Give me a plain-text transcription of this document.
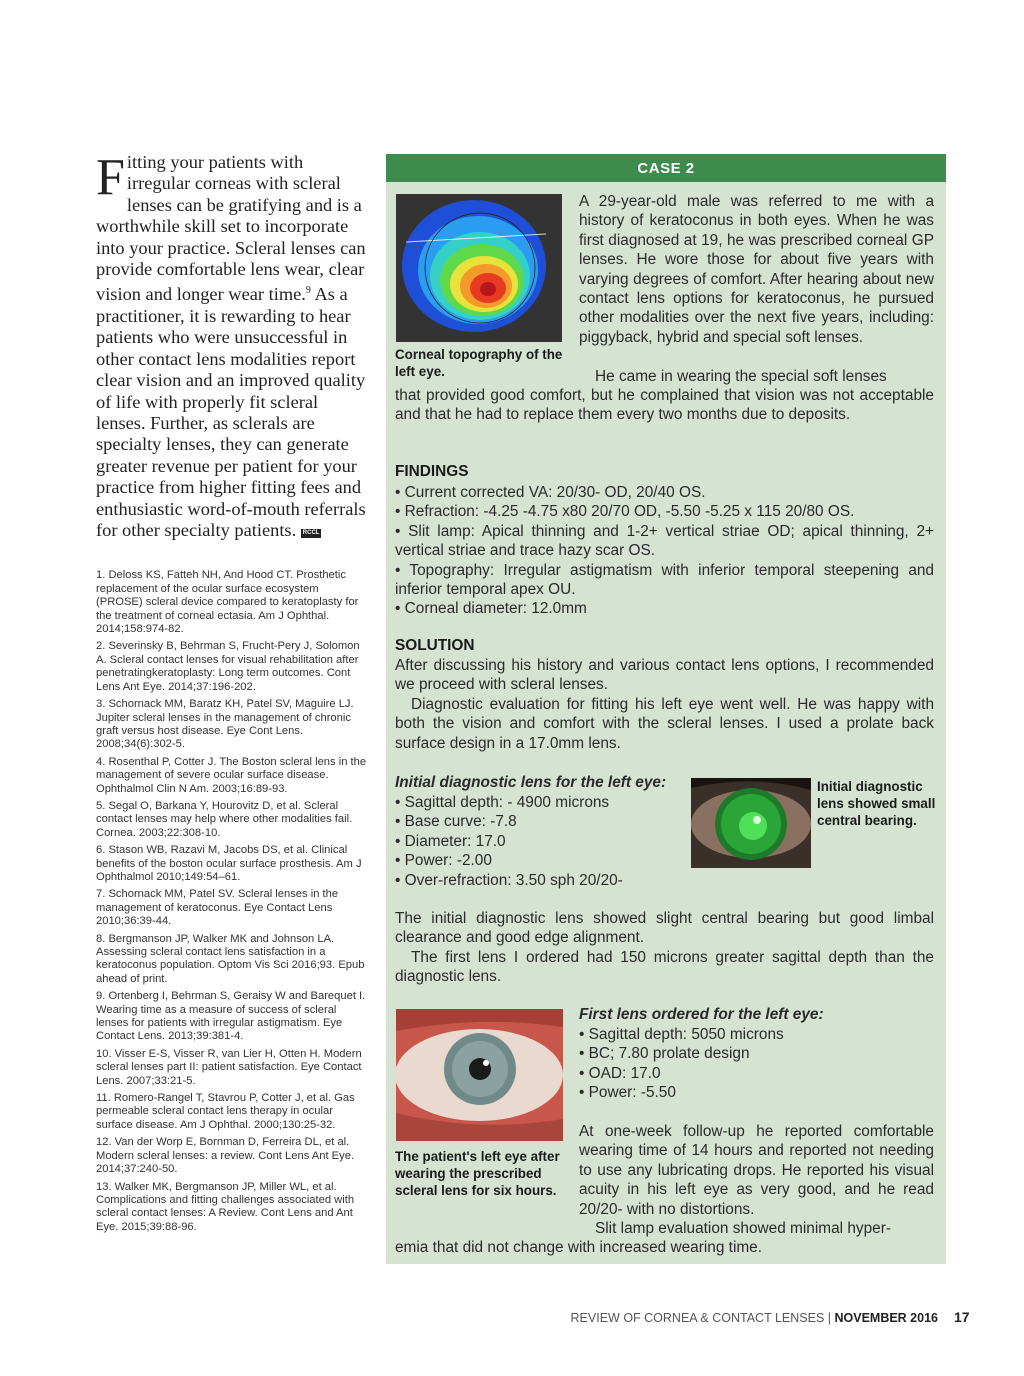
Fitting your patients with irregular corneas with scleral lenses can be gratifying and is a worthwhile skill set to incorporate into your practice. Scleral lenses can provide comfortable lens wear, clear vision and longer wear time.$^9$ As a practitioner, it is rewarding to hear patients who were unsuccessful in other contact lens modalities report clear vision and an improved quality of life with properly fit scleral lenses. Further, as sclerals are specialty lenses, they can generate greater revenue per patient for your practice from higher fitting fees and enthusiastic word-of-mouth referrals for other specialty patients. RCCL

1. Deloss KS, Fatteh NH, And Hood CT. Prosthetic replacement of the ocular surface ecosystem (PROSE) scleral device compared to keratoplasty for the treatment of corneal ectasia. Am J Ophthal. 2014;158:974-82.

2. Severinsky B, Behrman S, Frucht-Pery J, Solomon A. Scleral contact lenses for visual rehabilitation after penetratingkeratoplasty: Long term outcomes. Cont Lens Ant Eye. 2014;37:196-202.

3. Schornack MM, Baratz KH, Patel SV, Maguire LJ. Jupiter scleral lenses in the management of chronic graft versus host disease. Eye Cont Lens. 2008;34(6):302-5.

4. Rosenthal P, Cotter J. The Boston scleral lens in the management of severe ocular surface disease. Ophthalmol Clin N Am. 2003;16:89-93.

5. Segal O, Barkana Y, Hourovitz D, et al. Scleral contact lenses may help where other modalities fail. Cornea. 2003;22:308-10.

6. Stason WB, Razavi M, Jacobs DS, et al. Clinical benefits of the boston ocular surface prosthesis. Am J Ophthalmol 2010;149:54–61.

7. Schornack MM, Patel SV. Scleral lenses in the management of keratoconus. Eye Contact Lens 2010;36:39-44.

8. Bergmanson JP, Walker MK and Johnson LA. Assessing scleral contact lens satisfaction in a keratoconus population. Optom Vis Sci 2016;93. Epub ahead of print.

9. Ortenberg I, Behrman S, Geraisy W and Barequet I. Wearing time as a measure of success of scleral lenses for patients with irregular astigmatism. Eye Contact Lens. 2013;39:381-4.

10. Visser E-S, Visser R, van Lier H, Otten H. Modern scleral lenses part II: patient satisfaction. Eye Contact Lens. 2007;33:21-5.

11. Romero-Rangel T, Stavrou P, Cotter J, et al. Gas permeable scleral contact lens therapy in ocular surface disease. Am J Ophthal. 2000;130:25-32.

12. Van der Worp E, Bornman D, Ferreira DL, et al. Modern scleral lenses: a review. Cont Lens Ant Eye. 2014;37:240-50.

13. Walker MK, Bergmanson JP, Miller WL, et al. Complications and fitting challenges associated with scleral contact lenses: A Review. Cont Lens and Ant Eye. 2015;39:88-96.

CASE 2

Corneal topography of the left eye.

A 29-year-old male was referred to me with a history of keratoconus in both eyes. When he was first diagnosed at 19, he was prescribed corneal GP lenses. He wore those for about five years with varying degrees of comfort. After hearing about new contact lens options for keratoconus, he pursued other modalities over the next five years, including: piggyback, hybrid and special soft lenses.

He came in wearing the special soft lenses

that provided good comfort, but he complained that vision was not acceptable and that he had to replace them every two months due to deposits.

FINDINGS

• Current corrected VA: 20/30- OD, 20/40 OS.

• Refraction: -4.25 -4.75 x80 20/70 OD, -5.50 -5.25 x 115 20/80 OS.

• Slit lamp: Apical thinning and 1-2+ vertical striae OD; apical thinning, 2+ vertical striae and trace hazy scar OS.

• Topography: Irregular astigmatism with inferior temporal steepening and inferior temporal apex OU.

• Corneal diameter: 12.0mm

SOLUTION

After discussing his history and various contact lens options, I recommended we proceed with scleral lenses.

Diagnostic evaluation for fitting his left eye went well. He was happy with both the vision and comfort with the scleral lenses. I used a prolate back surface design in a 17.0mm lens.

Initial diagnostic lens for the left eye:

• Sagittal depth: - 4900 microns

• Base curve: -7.8

• Diameter: 17.0

• Power: -2.00

• Over-refraction: 3.50 sph 20/20-

Initial diagnostic lens showed small central bearing.

The initial diagnostic lens showed slight central bearing but good limbal clearance and good edge alignment.

The first lens I ordered had 150 microns greater sagittal depth than the diagnostic lens.

The patient's left eye after wearing the prescribed scleral lens for six hours.

First lens ordered for the left eye:

• Sagittal depth: 5050 microns

• BC; 7.80 prolate design

• OAD: 17.0

• Power: -5.50

At one-week follow-up he reported comfortable wearing time of 14 hours and reported not needing to use any lubricating drops. He reported his visual acuity in his left eye as very good, and he read 20/20- with no distortions.

Slit lamp evaluation showed minimal hyper-

emia that did not change with increased wearing time.

REVIEW OF CORNEA & CONTACT LENSES | NOVEMBER 2016 17
